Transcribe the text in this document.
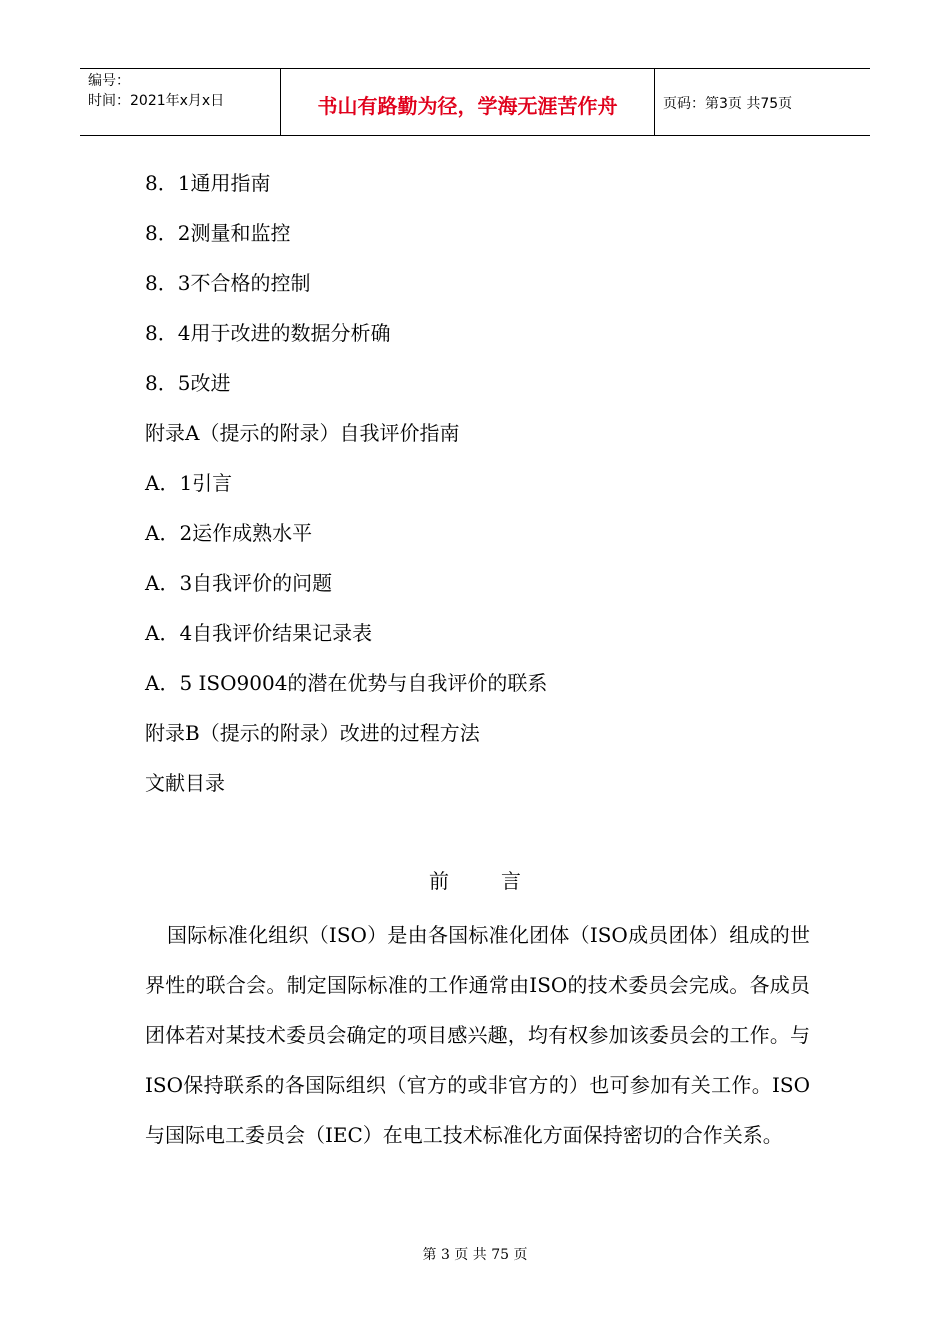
编号：
时间：2021年x月x日	书山有路勤为径，学海无涯苦作舟	页码：第3页 共75页
8．1通用指南
8．2测量和监控
8．3不合格的控制
8．4用于改进的数据分析确
8．5改进
附录A（提示的附录）自我评价指南
A．1引言
A．2运作成熟水平
A．3自我评价的问题
A．4自我评价结果记录表
A．5 ISO9004的潜在优势与自我评价的联系
附录B（提示的附录）改进的过程方法
文献目录
前	言

国际标准化组织（ISO）是由各国标准化团体（ISO成员团体）组成的世界性的联合会。制定国际标准的工作通常由ISO的技术委员会完成。各成员团体若对某技术委员会确定的项目感兴趣，均有权参加该委员会的工作。与ISO保持联系的各国际组织（官方的或非官方的）也可参加有关工作。ISO与国际电工委员会（IEC）在电工技术标准化方面保持密切的合作关系。

第 3 页 共 75 页
